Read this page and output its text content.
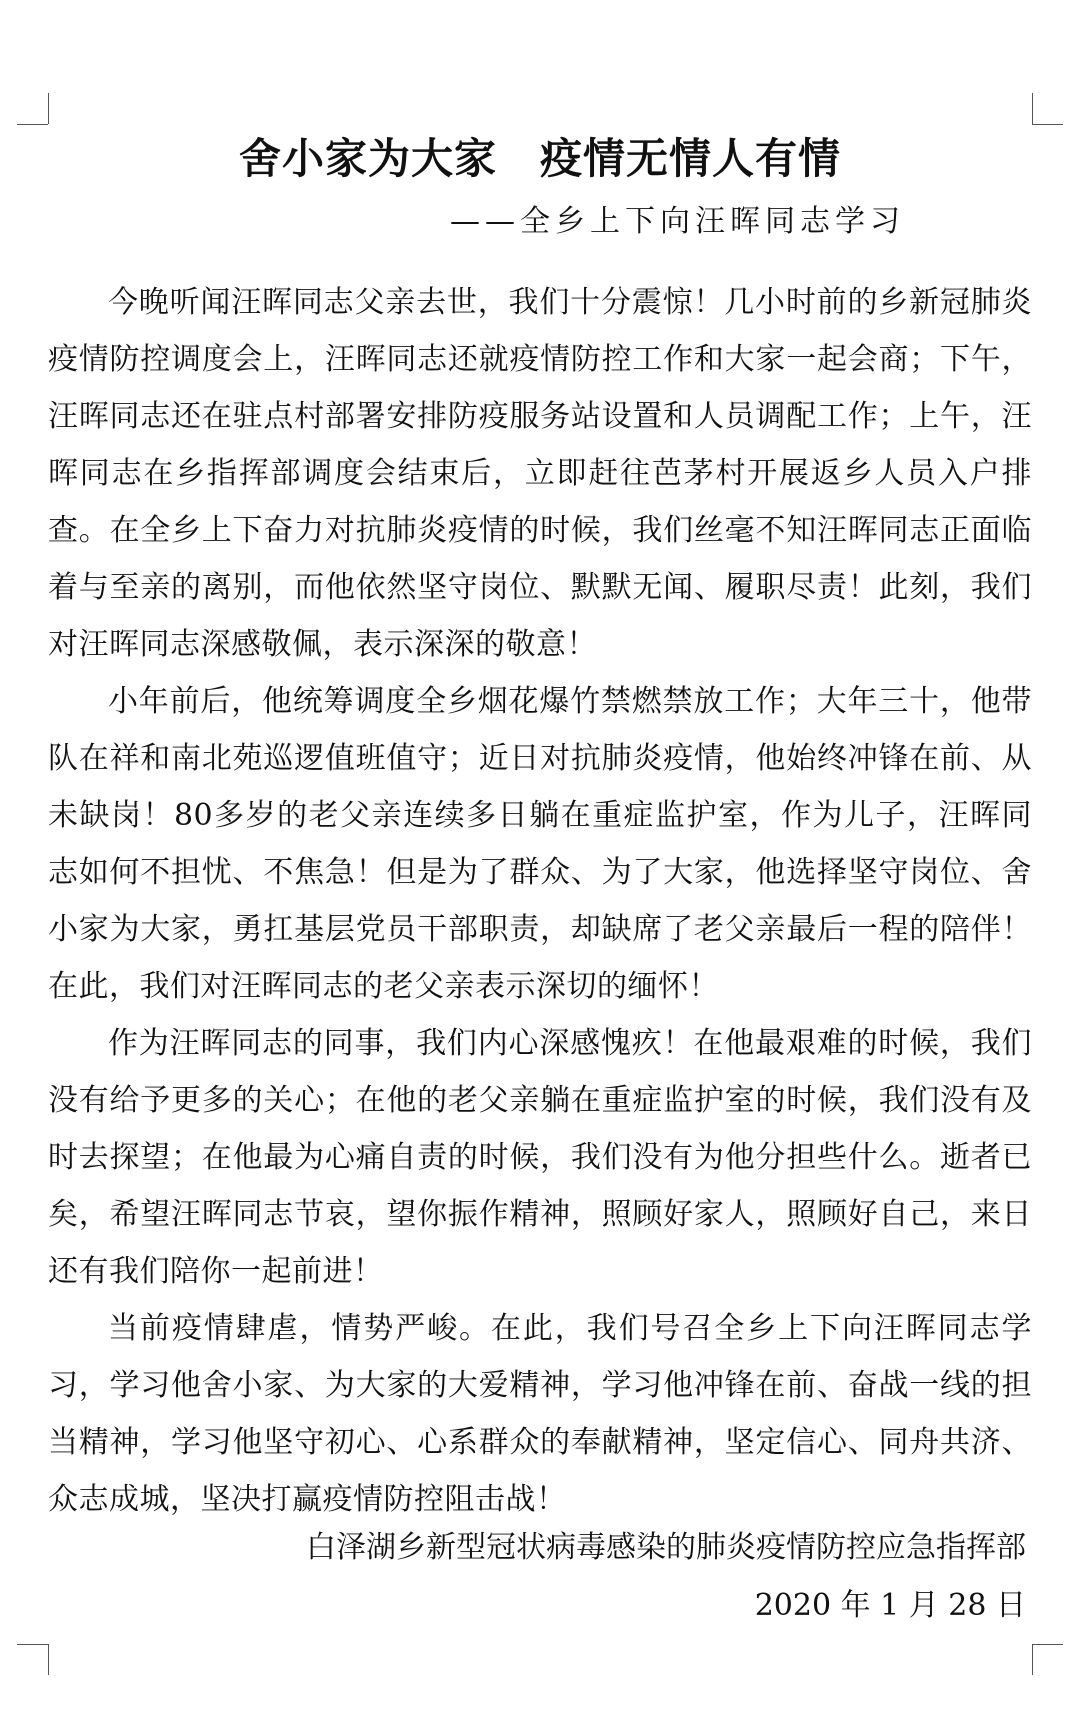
舍小家为大家　疫情无情人有情
——全乡上下向汪晖同志学习

今晚听闻汪晖同志父亲去世，我们十分震惊！几小时前的乡新冠肺炎疫情防控调度会上，汪晖同志还就疫情防控工作和大家一起会商；下午，汪晖同志还在驻点村部署安排防疫服务站设置和人员调配工作；上午，汪晖同志在乡指挥部调度会结束后，立即赶往芭茅村开展返乡人员入户排查。在全乡上下奋力对抗肺炎疫情的时候，我们丝毫不知汪晖同志正面临着与至亲的离别，而他依然坚守岗位、默默无闻、履职尽责！此刻，我们对汪晖同志深感敬佩，表示深深的敬意！

小年前后，他统筹调度全乡烟花爆竹禁燃禁放工作；大年三十，他带队在祥和南北苑巡逻值班值守；近日对抗肺炎疫情，他始终冲锋在前、从未缺岗！80多岁的老父亲连续多日躺在重症监护室，作为儿子，汪晖同志如何不担忧、不焦急！但是为了群众、为了大家，他选择坚守岗位、舍小家为大家，勇扛基层党员干部职责，却缺席了老父亲最后一程的陪伴！在此，我们对汪晖同志的老父亲表示深切的缅怀！

作为汪晖同志的同事，我们内心深感愧疚！在他最艰难的时候，我们没有给予更多的关心；在他的老父亲躺在重症监护室的时候，我们没有及时去探望；在他最为心痛自责的时候，我们没有为他分担些什么。逝者已矣，希望汪晖同志节哀，望你振作精神，照顾好家人，照顾好自己，来日还有我们陪你一起前进！

当前疫情肆虐，情势严峻。在此，我们号召全乡上下向汪晖同志学习，学习他舍小家、为大家的大爱精神，学习他冲锋在前、奋战一线的担当精神，学习他坚守初心、心系群众的奉献精神，坚定信心、同舟共济、众志成城，坚决打赢疫情防控阻击战！

白泽湖乡新型冠状病毒感染的肺炎疫情防控应急指挥部
2020 年 1 月 28 日
